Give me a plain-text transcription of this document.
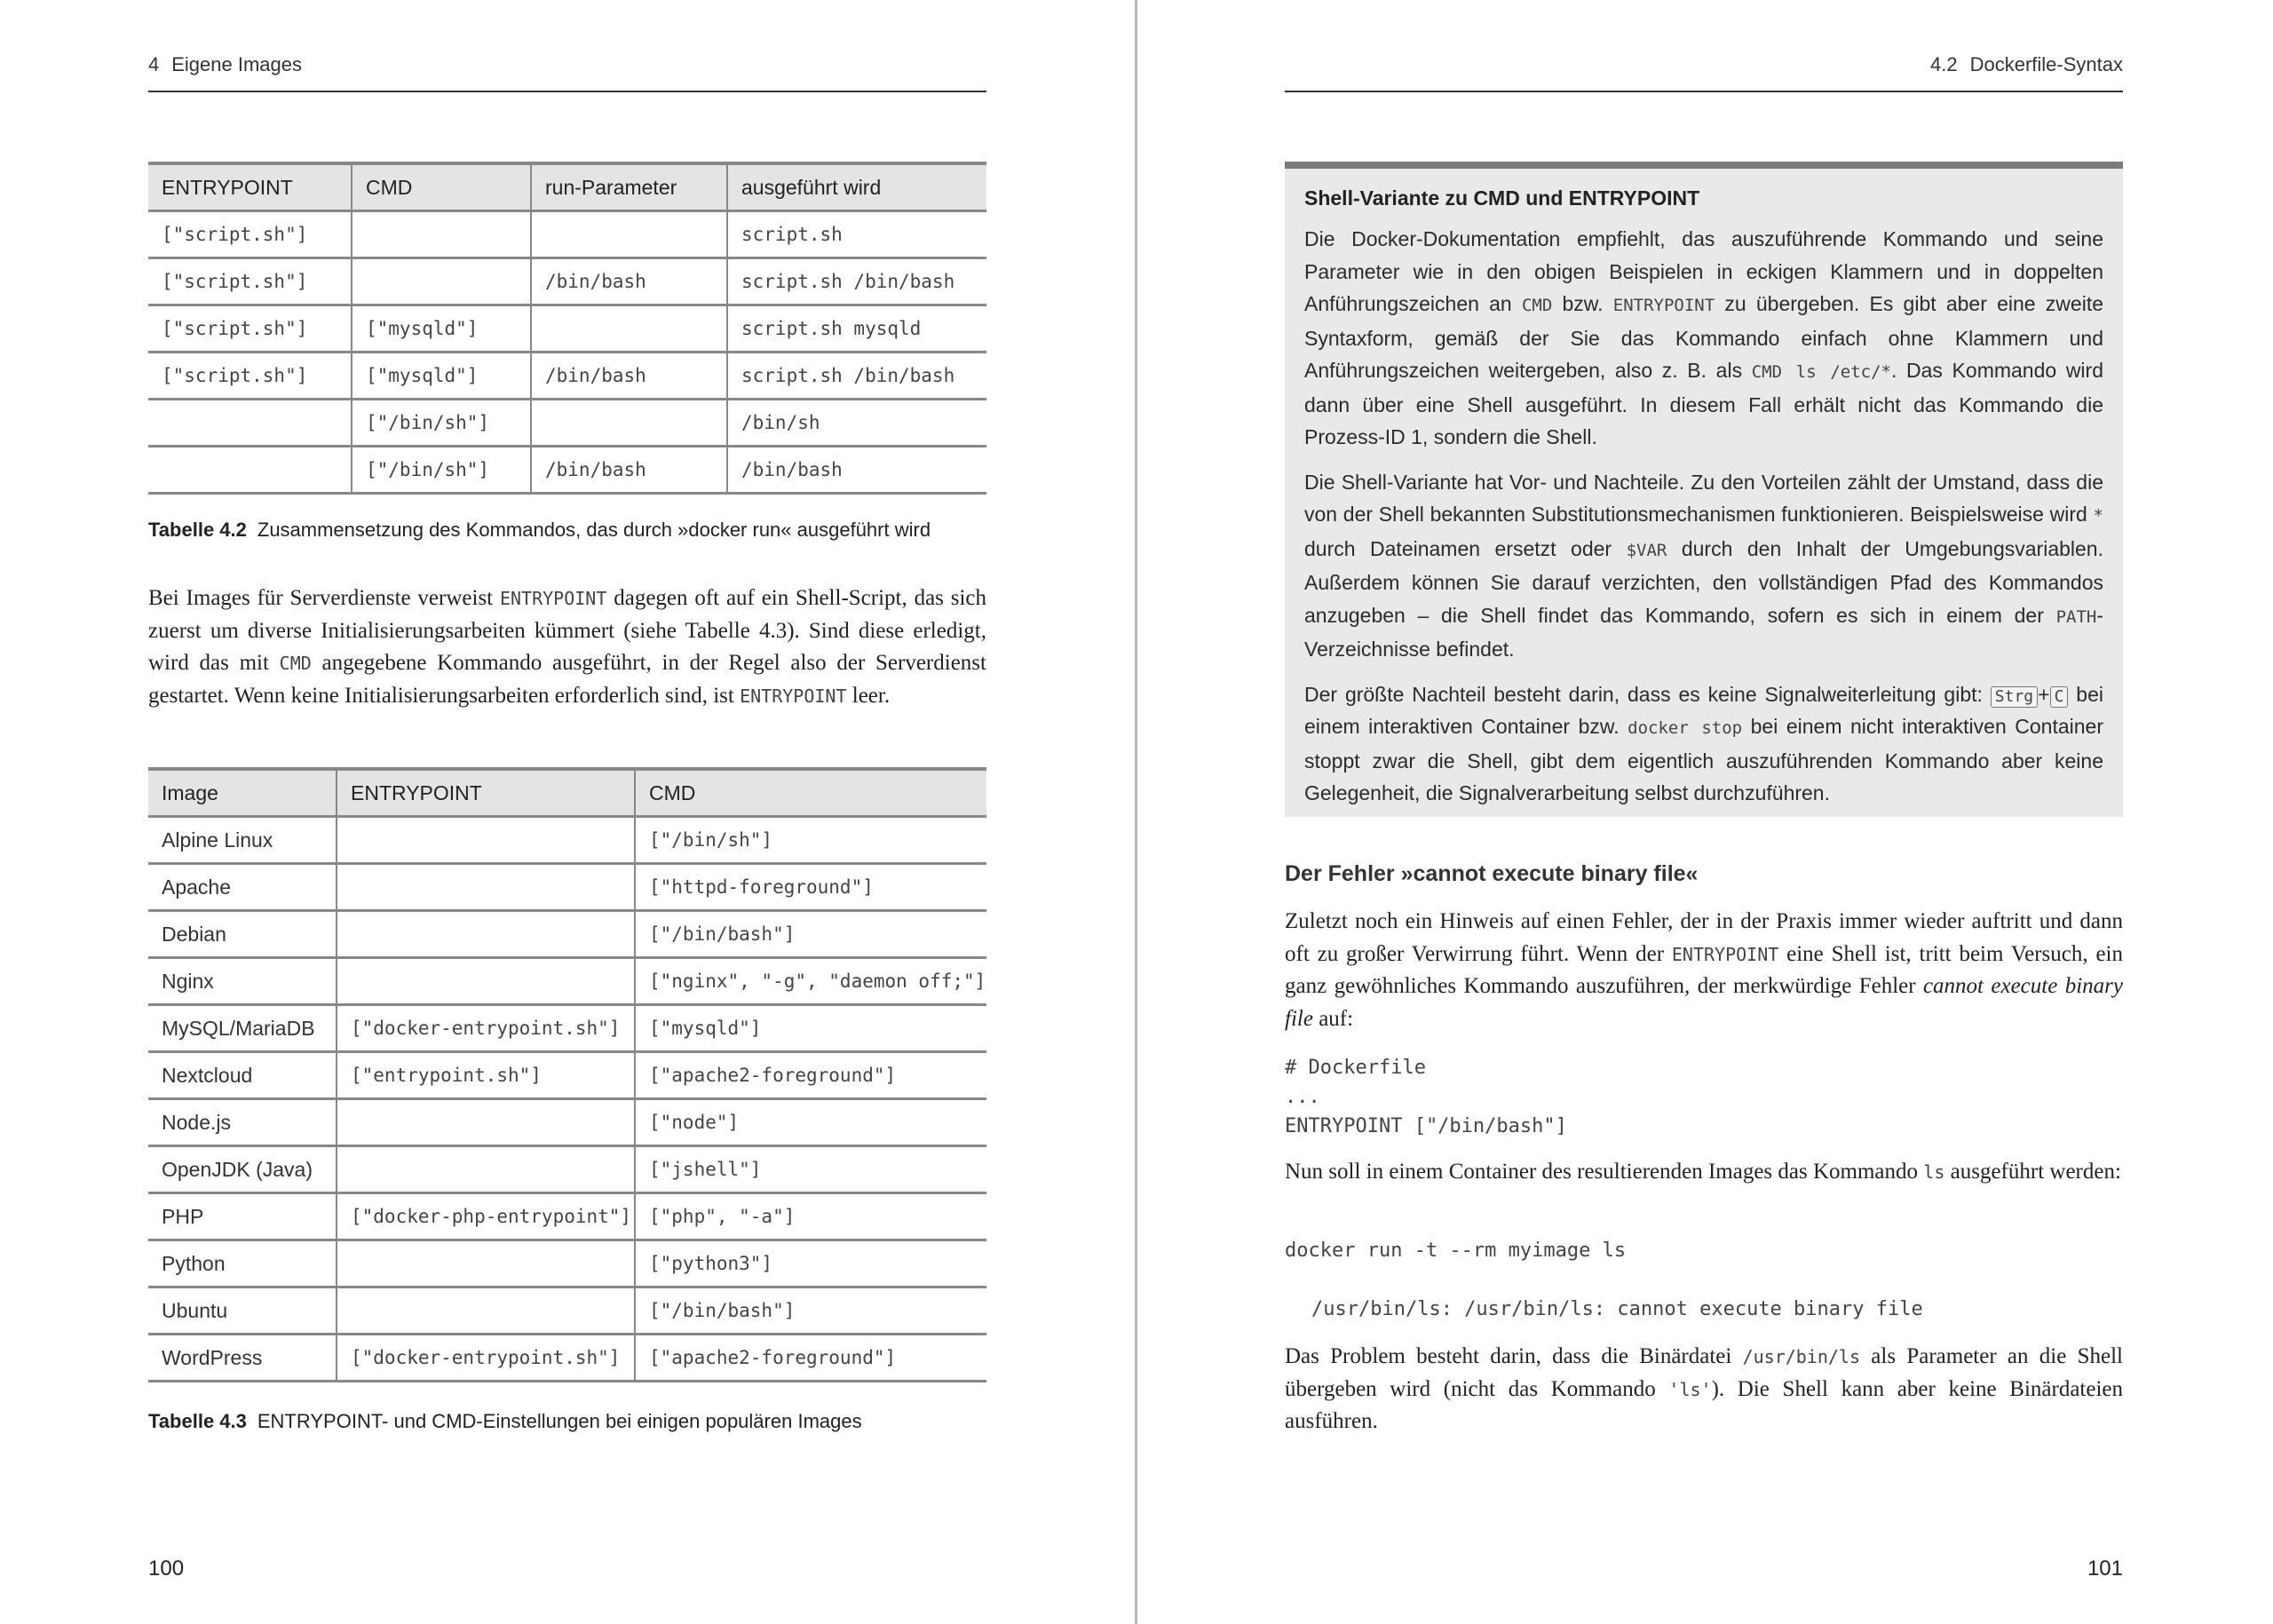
4 Eigene Images
ENTRYPOINT	CMD	run-Parameter	ausgeführt wird
["script.sh"]			script.sh
["script.sh"]		/bin/bash	script.sh /bin/bash
["script.sh"]	["mysqld"]		script.sh mysqld
["script.sh"]	["mysqld"]	/bin/bash	script.sh /bin/bash
	["/bin/sh"]		/bin/sh
	["/bin/sh"]	/bin/bash	/bin/bash
Tabelle 4.2 Zusammensetzung des Kommandos, das durch »docker run« ausgeführt wird
Bei Images für Serverdienste verweist ENTRYPOINT dagegen oft auf ein Shell-Script, das sich zuerst um diverse Initialisierungsarbeiten kümmert (siehe Tabelle 4.3). Sind diese erledigt, wird das mit CMD angegebene Kommando ausgeführt, in der Regel also der Serverdienst gestartet. Wenn keine Initialisierungsarbeiten erforderlich sind, ist ENTRYPOINT leer.
Image	ENTRYPOINT	CMD
Alpine Linux		["/bin/sh"]
Apache		["httpd-foreground"]
Debian		["/bin/bash"]
Nginx		["nginx", "-g", "daemon off;"]
MySQL/MariaDB	["docker-entrypoint.sh"]	["mysqld"]
Nextcloud	["entrypoint.sh"]	["apache2-foreground"]
Node.js		["node"]
OpenJDK (Java)		["jshell"]
PHP	["docker-php-entrypoint"]	["php", "-a"]
Python		["python3"]
Ubuntu		["/bin/bash"]
WordPress	["docker-entrypoint.sh"]	["apache2-foreground"]
Tabelle 4.3 ENTRYPOINT- und CMD-Einstellungen bei einigen populären Images
100
4.2 Dockerfile-Syntax
Shell-Variante zu CMD und ENTRYPOINT

Die Docker-Dokumentation empfiehlt, das auszuführende Kommando und seine Parameter wie in den obigen Beispielen in eckigen Klammern und in doppelten Anführungszeichen an CMD bzw. ENTRYPOINT zu übergeben. Es gibt aber eine zweite Syntaxform, gemäß der Sie das Kommando einfach ohne Klammern und Anführungszeichen weitergeben, also z. B. als CMD ls /etc/*. Das Kommando wird dann über eine Shell ausgeführt. In diesem Fall erhält nicht das Kommando die Prozess-ID 1, sondern die Shell.

Die Shell-Variante hat Vor- und Nachteile. Zu den Vorteilen zählt der Umstand, dass die von der Shell bekannten Substitutionsmechanismen funktionieren. Beispielsweise wird * durch Dateinamen ersetzt oder $VAR durch den Inhalt der Umgebungsvariablen. Außerdem können Sie darauf verzichten, den vollständigen Pfad des Kommandos anzugeben – die Shell findet das Kommando, sofern es sich in einem der PATH-Verzeichnisse befindet.

Der größte Nachteil besteht darin, dass es keine Signalweiterleitung gibt: Strg + C bei einem interaktiven Container bzw. docker stop bei einem nicht interaktiven Container stoppt zwar die Shell, gibt dem eigentlich auszuführenden Kommando aber keine Gelegenheit, die Signalverarbeitung selbst durchzuführen.

Der Fehler »cannot execute binary file«
Zuletzt noch ein Hinweis auf einen Fehler, der in der Praxis immer wieder auftritt und dann oft zu großer Verwirrung führt. Wenn der ENTRYPOINT eine Shell ist, tritt beim Versuch, ein ganz gewöhnliches Kommando auszuführen, der merkwürdige Fehler cannot execute binary file auf:
# Dockerfile
...
ENTRYPOINT ["/bin/bash"]
Nun soll in einem Container des resultierenden Images das Kommando ls ausgeführt werden:
docker run -t --rm myimage ls
/usr/bin/ls: /usr/bin/ls: cannot execute binary file
Das Problem besteht darin, dass die Binärdatei /usr/bin/ls als Parameter an die Shell übergeben wird (nicht das Kommando 'ls'). Die Shell kann aber keine Binärdateien ausführen.
101
